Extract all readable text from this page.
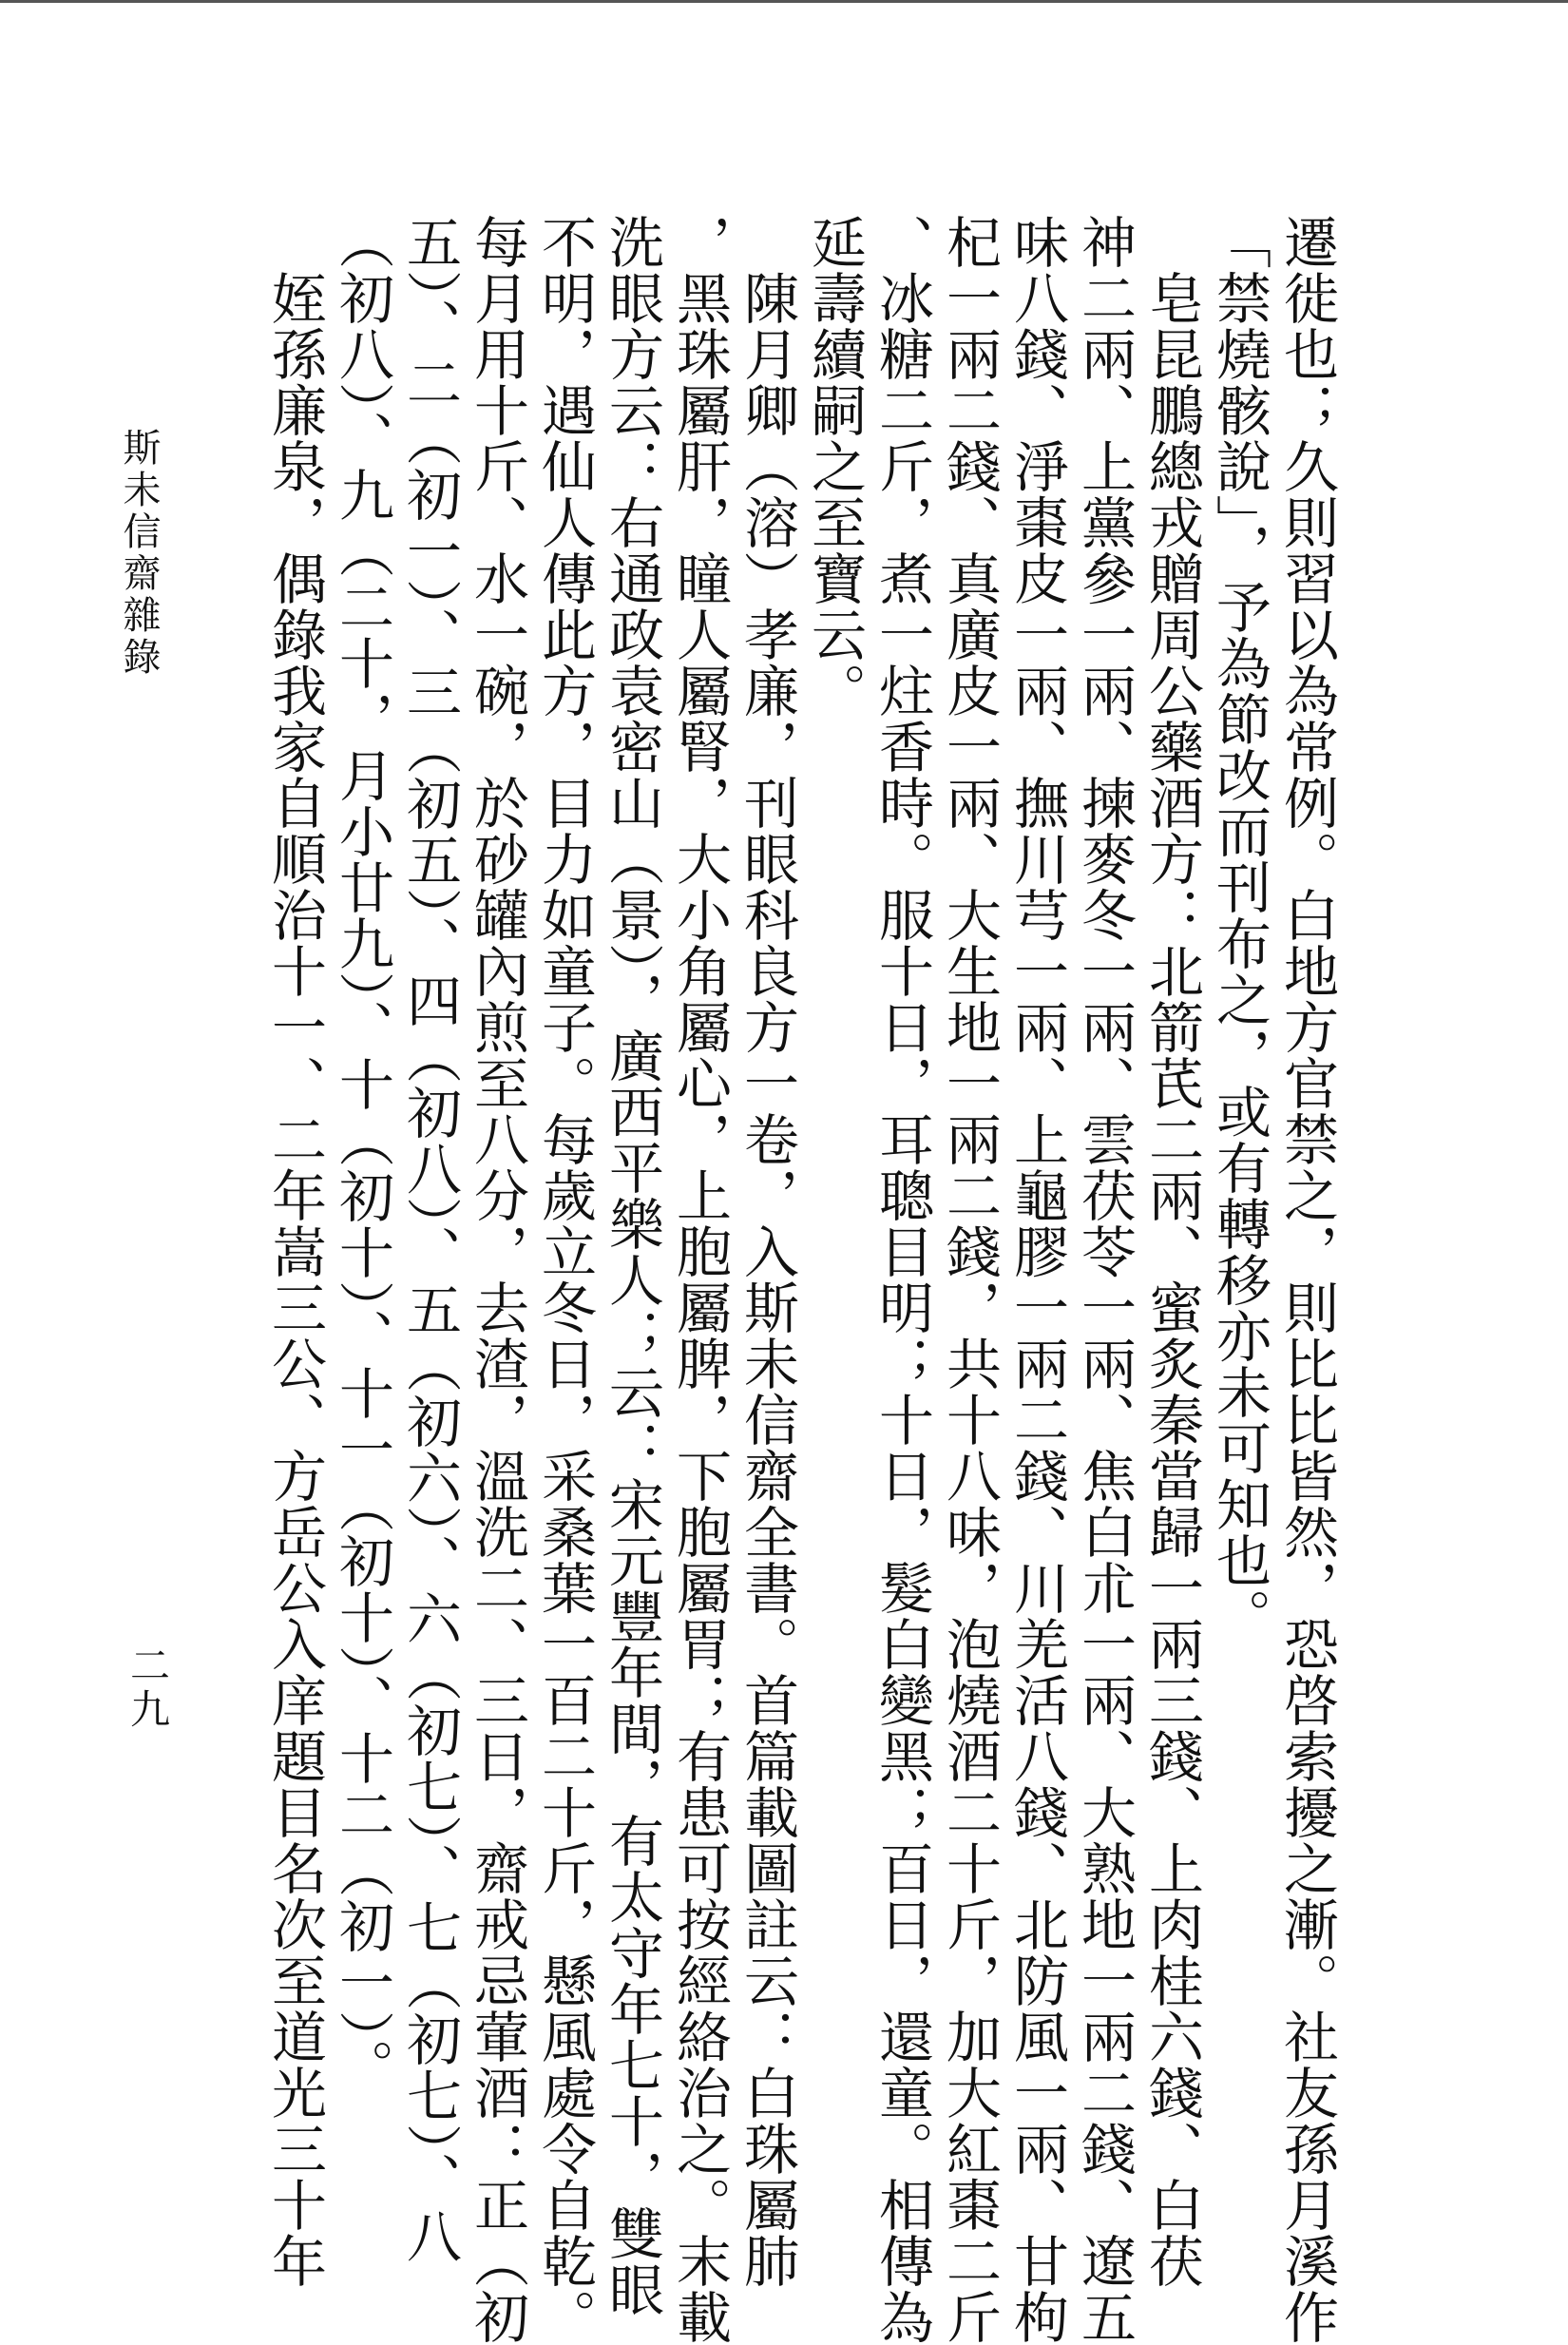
遷徙也；久則習以為常例。白地方官禁之，則比比皆然，恐啓索擾之漸。社友孫月溪作
「禁燒骸說」，予為節改而刊布之，或有轉移亦未可知也。
　皂昆鵬總戎贈周公藥酒方：北箭芪二兩、蜜炙秦當歸一兩三錢、上肉桂六錢、白茯
神二兩、上黨參一兩、揀麥冬一兩、雲茯苓一兩、焦白朮一兩、大熟地一兩二錢、遼五
味八錢、淨棗皮一兩、撫川芎一兩、上龜膠一兩二錢、川羌活八錢、北防風一兩、甘枸
杞一兩二錢、真廣皮一兩、大生地一兩二錢，共十八味，泡燒酒二十斤，加大紅棗二斤
、冰糖二斤，煮一炷香時。服十日，耳聰目明；十日，髮白變黑；百日，還童。相傳為
延壽續嗣之至寶云。
　陳月卿（溶）孝廉，刊眼科良方一卷，入斯未信齋全書。首篇載圖註云：白珠屬肺
，黑珠屬肝，瞳人屬腎，大小角屬心，上胞屬脾，下胞屬胃；有患可按經絡治之。末載
洗眼方云：右通政袁密山（景），廣西平樂人；云：宋元豐年間，有太守年七十，雙眼
不明，遇仙人傳此方，目力如童子。每歲立冬日，采桑葉一百二十斤，懸風處令自乾。
每月用十斤、水一碗，於砂罐內煎至八分，去渣，溫洗二、三日，齋戒忌葷酒：正（初
五）、二（初一）、三（初五）、四（初八）、五（初六）、六（初七）、七（初七）、八
（初八）、九（二十，月小廿九）、十（初十）、十一（初十）、十二（初一）。
　姪孫廉泉，偶錄我家自順治十一、二年嵩三公、方岳公入庠題目名次至道光三十年
斯未信齋雜錄
二九
